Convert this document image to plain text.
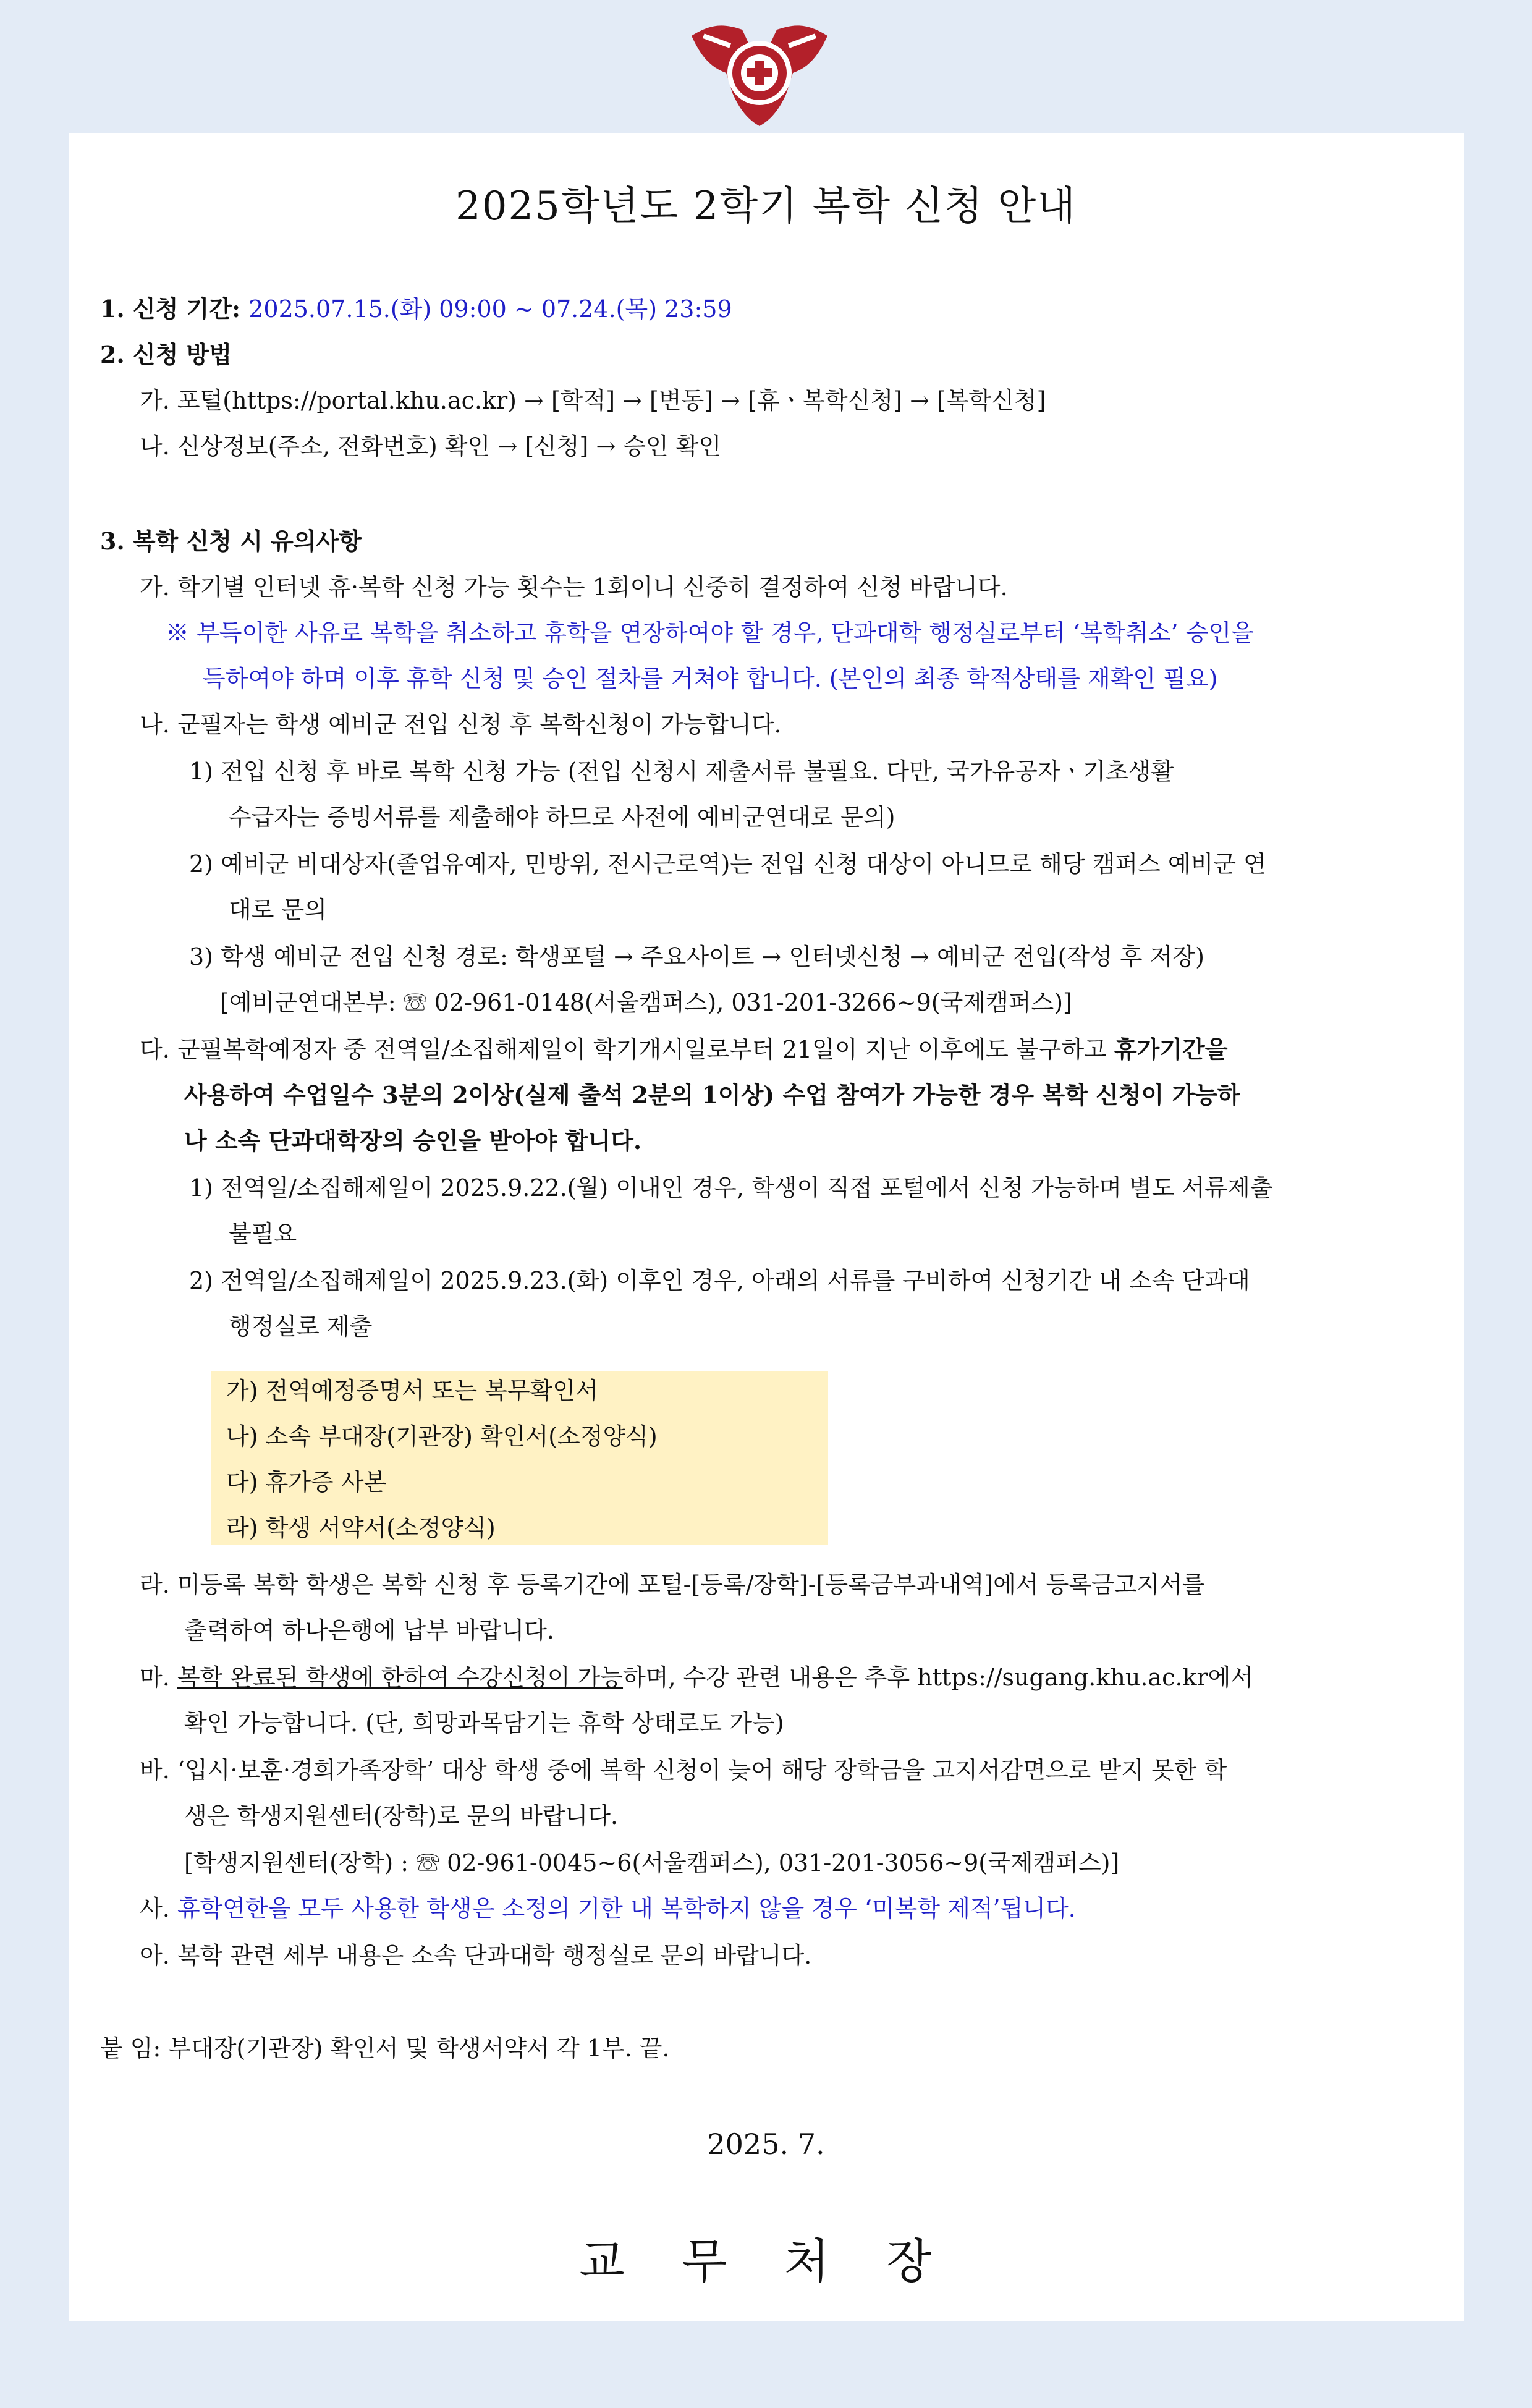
2025학년도 2학기 복학 신청 안내
1. 신청 기간: 2025.07.15.(화) 09:00 ~ 07.24.(목) 23:59
2. 신청 방법
가. 포털(https://portal.khu.ac.kr) → [학적] → [변동] → [휴ㆍ복학신청] → [복학신청]
나. 신상정보(주소, 전화번호) 확인 → [신청] → 승인 확인
3. 복학 신청 시 유의사항
가. 학기별 인터넷 휴·복학 신청 가능 횟수는 1회이니 신중히 결정하여 신청 바랍니다.
※ 부득이한 사유로 복학을 취소하고 휴학을 연장하여야 할 경우, 단과대학 행정실로부터 ‘복학취소’ 승인을
득하여야 하며 이후 휴학 신청 및 승인 절차를 거쳐야 합니다. (본인의 최종 학적상태를 재확인 필요)
나. 군필자는 학생 예비군 전입 신청 후 복학신청이 가능합니다.
1) 전입 신청 후 바로 복학 신청 가능 (전입 신청시 제출서류 불필요. 다만, 국가유공자ㆍ기초생활
수급자는 증빙서류를 제출해야 하므로 사전에 예비군연대로 문의)
2) 예비군 비대상자(졸업유예자, 민방위, 전시근로역)는 전입 신청 대상이 아니므로 해당 캠퍼스 예비군 연
대로 문의
3) 학생 예비군 전입 신청 경로: 학생포털 → 주요사이트 → 인터넷신청 → 예비군 전입(작성 후 저장)
[예비군연대본부: ☏ 02-961-0148(서울캠퍼스), 031-201-3266~9(국제캠퍼스)]
다. 군필복학예정자 중 전역일/소집해제일이 학기개시일로부터 21일이 지난 이후에도 불구하고 휴가기간을
사용하여 수업일수 3분의 2이상(실제 출석 2분의 1이상) 수업 참여가 가능한 경우 복학 신청이 가능하
나 소속 단과대학장의 승인을 받아야 합니다.
1) 전역일/소집해제일이 2025.9.22.(월) 이내인 경우, 학생이 직접 포털에서 신청 가능하며 별도 서류제출
불필요
2) 전역일/소집해제일이 2025.9.23.(화) 이후인 경우, 아래의 서류를 구비하여 신청기간 내 소속 단과대
행정실로 제출
가) 전역예정증명서 또는 복무확인서
나) 소속 부대장(기관장) 확인서(소정양식)
다) 휴가증 사본
라) 학생 서약서(소정양식)
라. 미등록 복학 학생은 복학 신청 후 등록기간에 포털-[등록/장학]-[등록금부과내역]에서 등록금고지서를
출력하여 하나은행에 납부 바랍니다.
마. 복학 완료된 학생에 한하여 수강신청이 가능하며, 수강 관련 내용은 추후 https://sugang.khu.ac.kr에서
확인 가능합니다. (단, 희망과목담기는 휴학 상태로도 가능)
바. ‘입시·보훈·경희가족장학’ 대상 학생 중에 복학 신청이 늦어 해당 장학금을 고지서감면으로 받지 못한 학
생은 학생지원센터(장학)로 문의 바랍니다.
[학생지원센터(장학) : ☏ 02-961-0045~6(서울캠퍼스), 031-201-3056~9(국제캠퍼스)]
사. 휴학연한을 모두 사용한 학생은 소정의 기한 내 복학하지 않을 경우 ‘미복학 제적’됩니다.
아. 복학 관련 세부 내용은 소속 단과대학 행정실로 문의 바랍니다.
붙 임: 부대장(기관장) 확인서 및 학생서약서 각 1부. 끝.
2025. 7.
교 무 처 장
